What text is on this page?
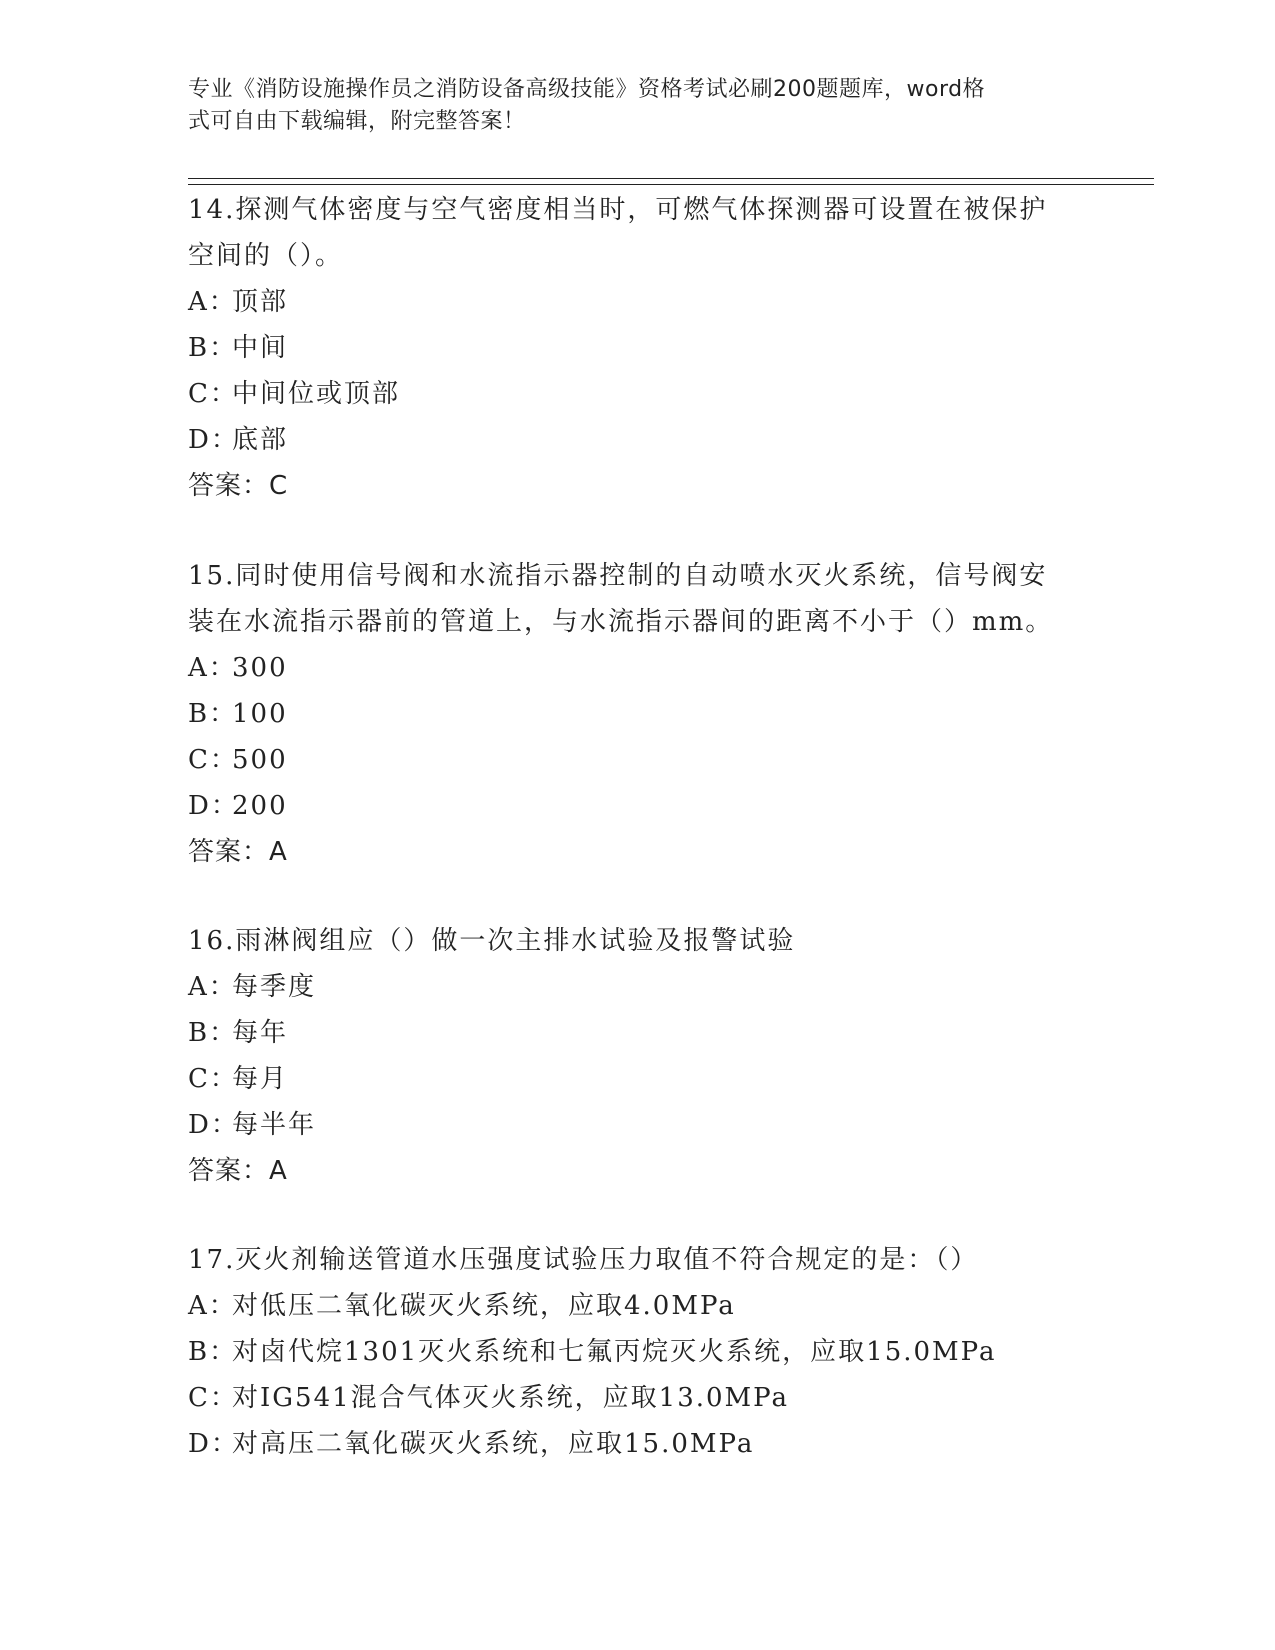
专业《消防设施操作员之消防设备高级技能》资格考试必刷200题题库，word格
式可自由下载编辑，附完整答案！
14.探测气体密度与空气密度相当时，可燃气体探测器可设置在被保护
空间的（）。
A：顶部
B：中间
C：中间位或顶部
D：底部
答案：C
15.同时使用信号阀和水流指示器控制的自动喷水灭火系统，信号阀安
装在水流指示器前的管道上，与水流指示器间的距离不小于（）mm。
A：300
B：100
C：500
D：200
答案：A
16.雨淋阀组应（）做一次主排水试验及报警试验
A：每季度
B：每年
C：每月
D：每半年
答案：A
17.灭火剂输送管道水压强度试验压力取值不符合规定的是：（）
A：对低压二氧化碳灭火系统，应取4.0MPa
B：对卤代烷1301灭火系统和七氟丙烷灭火系统，应取15.0MPa
C：对IG541混合气体灭火系统，应取13.0MPa
D：对高压二氧化碳灭火系统，应取15.0MPa
